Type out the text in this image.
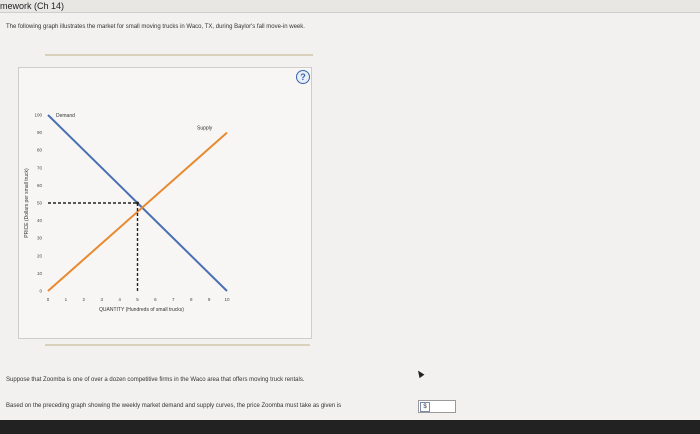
mework (Ch 14)
The following graph illustrates the market for small moving trucks in Waco, TX, during Baylor's fall move-in week.
?
0
10
20
30
40
50
60
70
80
90
100
0	1	2	3	4	5	6	7	8	9	10
Demand
Supply
QUANTITY (Hundreds of small trucks)
PRICE (Dollars per small truck)
Suppose that Zoomba is one of over a dozen competitive firms in the Waco area that offers moving truck rentals.
Based on the preceding graph showing the weekly market demand and supply curves, the price Zoomba must take as given is	$
